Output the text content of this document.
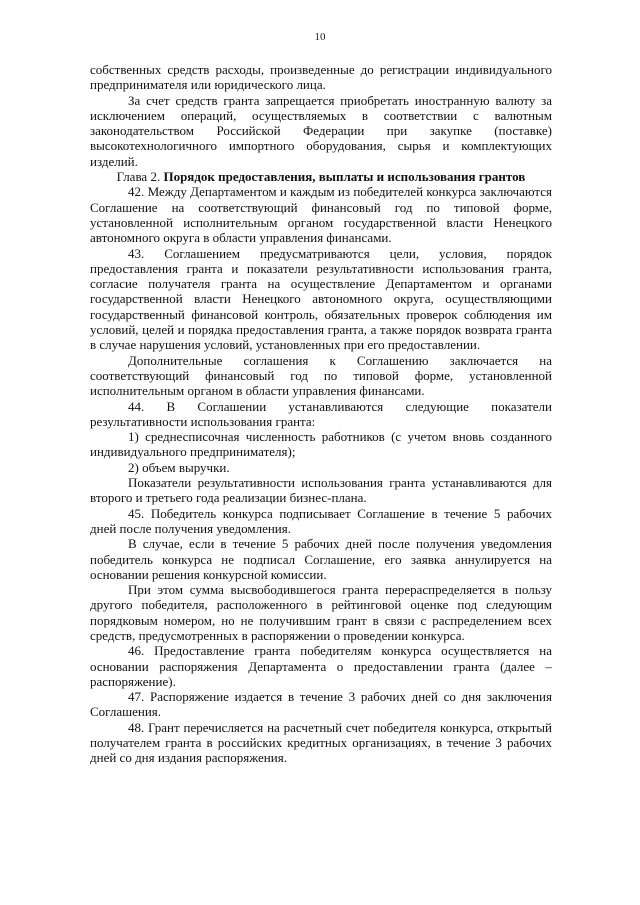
10

собственных средств расходы, произведенные до регистрации индивидуального предпринимателя или юридического лица.

За счет средств гранта запрещается приобретать иностранную валюту за исключением операций, осуществляемых в соответствии с валютным законодательством Российской Федерации при закупке (поставке) высокотехнологичного импортного оборудования, сырья и комплектующих изделий.

Глава 2. Порядок предоставления, выплаты и использования грантов

42. Между Департаментом и каждым из победителей конкурса заключаются Соглашение на соответствующий финансовый год по типовой форме, установленной исполнительным органом государственной власти Ненецкого автономного округа в области управления финансами.

43. Соглашением предусматриваются цели, условия, порядок предоставления гранта и показатели результативности использования гранта, согласие получателя гранта на осуществление Департаментом и органами государственной власти Ненецкого автономного округа, осуществляющими государственный финансовой контроль, обязательных проверок соблюдения им условий, целей и порядка предоставления гранта, а также порядок возврата гранта в случае нарушения условий, установленных при его предоставлении.

Дополнительные соглашения к Соглашению заключается на соответствующий финансовый год по типовой форме, установленной исполнительным органом в области управления финансами.

44. В Соглашении устанавливаются следующие показатели результативности использования гранта:

1) среднесписочная численность работников (с учетом вновь созданного индивидуального предпринимателя);

2) объем выручки.

Показатели результативности использования гранта устанавливаются для второго и третьего года реализации бизнес-плана.

45. Победитель конкурса подписывает Соглашение в течение 5 рабочих дней после получения уведомления.

В случае, если в течение 5 рабочих дней после получения уведомления победитель конкурса не подписал Соглашение, его заявка аннулируется на основании решения конкурсной комиссии.

При этом сумма высвободившегося гранта перераспределяется в пользу другого победителя, расположенного в рейтинговой оценке под следующим порядковым номером, но не получившим грант в связи с распределением всех средств, предусмотренных в распоряжении о проведении конкурса.

46. Предоставление гранта победителям конкурса осуществляется на основании распоряжения Департамента о предоставлении гранта (далее – распоряжение).

47. Распоряжение издается в течение 3 рабочих дней со дня заключения Соглашения.

48. Грант перечисляется на расчетный счет победителя конкурса, открытый получателем гранта в российских кредитных организациях, в течение 3 рабочих дней со дня издания распоряжения.
